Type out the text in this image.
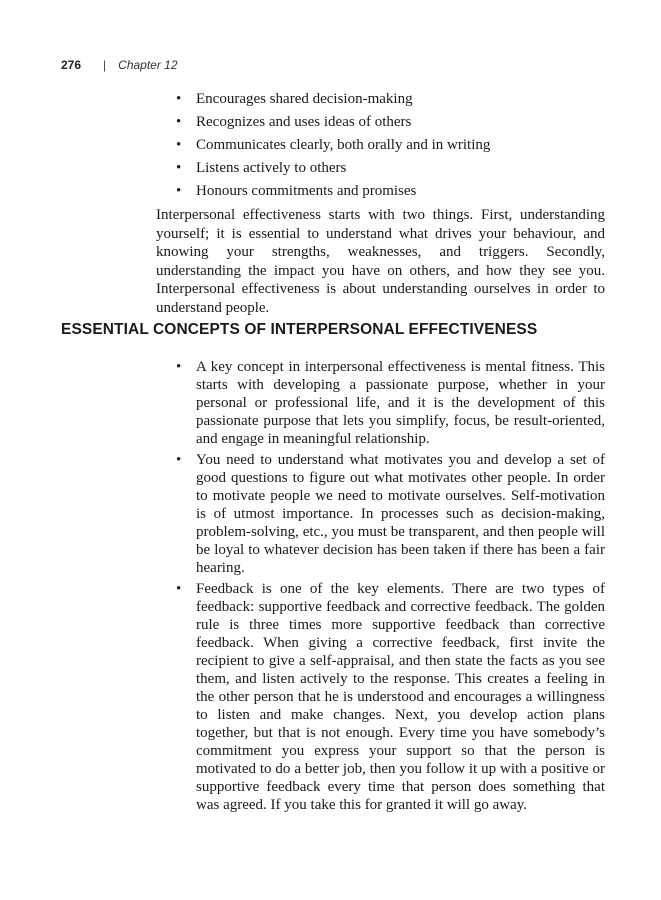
276 | Chapter 12
• Encourages shared decision-making
• Recognizes and uses ideas of others
• Communicates clearly, both orally and in writing
• Listens actively to others
• Honours commitments and promises

Interpersonal effectiveness starts with two things. First, understanding yourself; it is essential to understand what drives your behaviour, and knowing your strengths, weaknesses, and triggers. Secondly, understanding the impact you have on others, and how they see you. Interpersonal effectiveness is about understanding ourselves in order to understand people.

ESSENTIAL CONCEPTS OF INTERPERSONAL EFFECTIVENESS
• A key concept in interpersonal effectiveness is mental fitness. This starts with developing a passionate purpose, whether in your personal or professional life, and it is the development of this passionate purpose that lets you simplify, focus, be result-oriented, and engage in meaningful relationship.
• You need to understand what motivates you and develop a set of good questions to figure out what motivates other people. In order to motivate people we need to motivate ourselves. Self-motivation is of utmost importance. In processes such as decision-making, problem-solving, etc., you must be transparent, and then people will be loyal to whatever decision has been taken if there has been a fair hearing.
• Feedback is one of the key elements. There are two types of feedback: supportive feedback and corrective feedback. The golden rule is three times more supportive feedback than corrective feedback. When giving a corrective feedback, first invite the recipient to give a self-appraisal, and then state the facts as you see them, and listen actively to the response. This creates a feeling in the other person that he is understood and encourages a willingness to listen and make changes. Next, you develop action plans together, but that is not enough. Every time you have somebody’s commitment you express your support so that the person is motivated to do a better job, then you follow it up with a positive or supportive feedback every time that person does something that was agreed. If you take this for granted it will go away.
